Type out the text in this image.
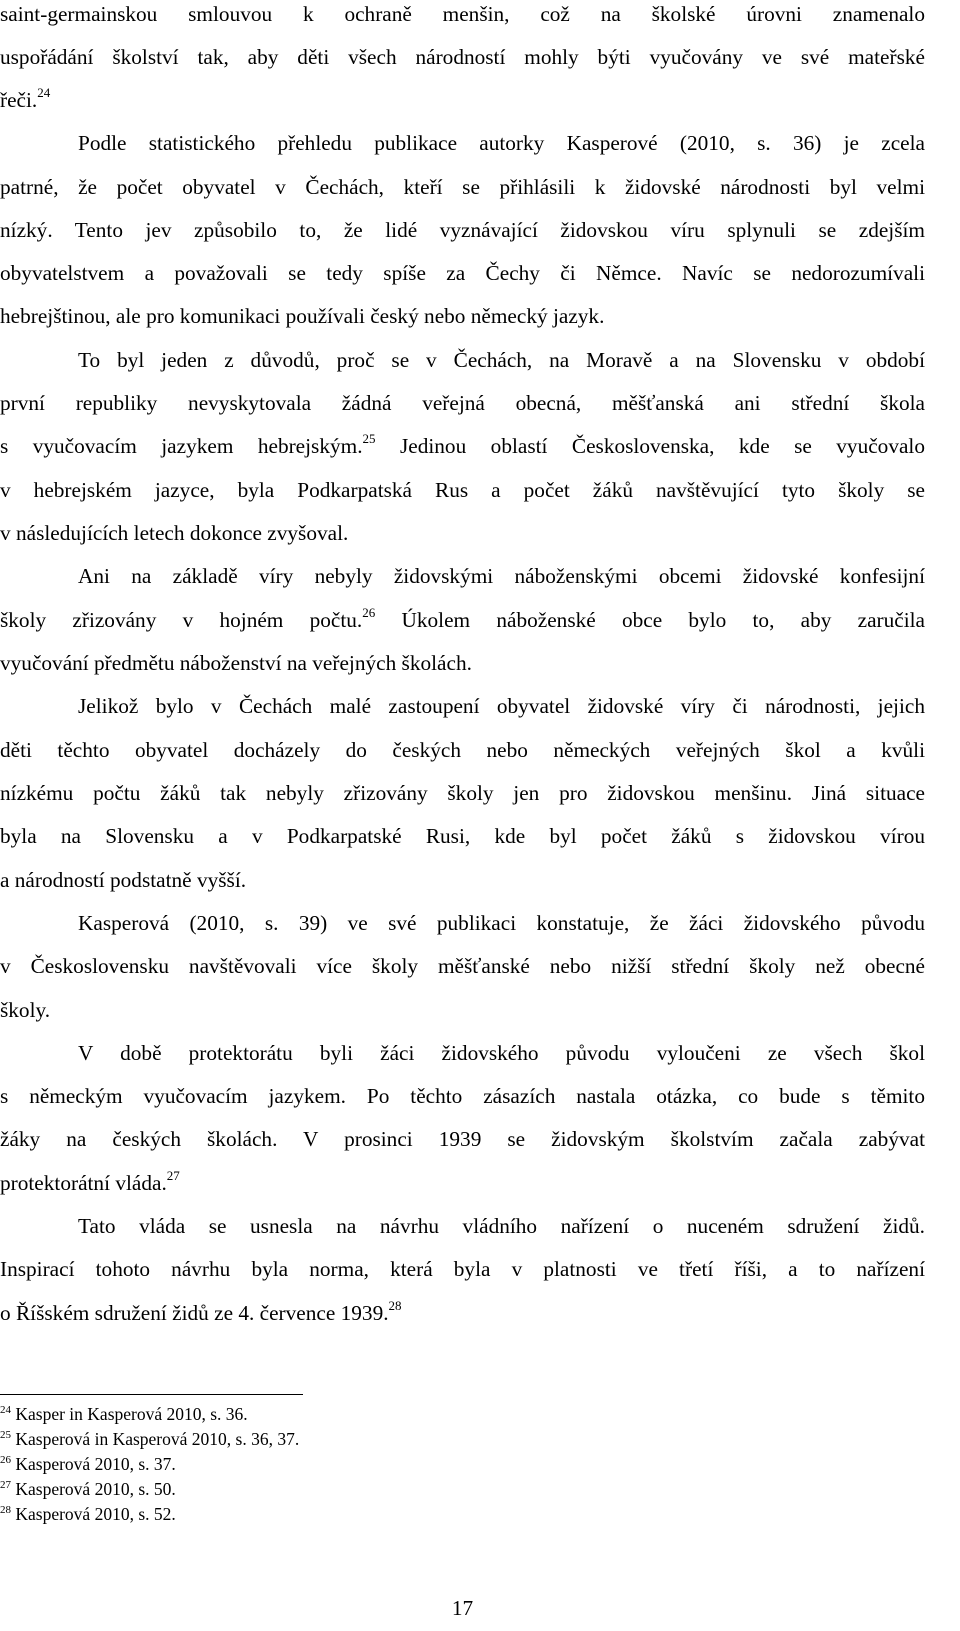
saint-germainskou smlouvou k ochraně menšin, což na školské úrovni znamenalo
uspořádání školství tak, aby děti všech národností mohly býti vyučovány ve své mateřské
řeči.$^{24}$
Podle statistického přehledu publikace autorky Kasperové (2010, s. 36) je zcela
patrné, že počet obyvatel v Čechách, kteří se přihlásili k židovské národnosti byl velmi
nízký. Tento jev způsobilo to, že lidé vyznávající židovskou víru splynuli se zdejším
obyvatelstvem a považovali se tedy spíše za Čechy či Němce. Navíc se nedorozumívali
hebrejštinou, ale pro komunikaci používali český nebo německý jazyk.
To byl jeden z důvodů, proč se v Čechách, na Moravě a na Slovensku v období
první republiky nevyskytovala žádná veřejná obecná, měšťanská ani střední škola
s vyučovacím jazykem hebrejským.$^{25}$ Jedinou oblastí Československa, kde se vyučovalo
v hebrejském jazyce, byla Podkarpatská Rus a počet žáků navštěvující tyto školy se
v následujících letech dokonce zvyšoval.
Ani na základě víry nebyly židovskými náboženskými obcemi židovské konfesijní
školy zřizovány v hojném počtu.$^{26}$ Úkolem náboženské obce bylo to, aby zaručila
vyučování předmětu náboženství na veřejných školách.
Jelikož bylo v Čechách malé zastoupení obyvatel židovské víry či národnosti, jejich
děti těchto obyvatel docházely do českých nebo německých veřejných škol a kvůli
nízkému počtu žáků tak nebyly zřizovány školy jen pro židovskou menšinu. Jiná situace
byla na Slovensku a v Podkarpatské Rusi, kde byl počet žáků s židovskou vírou
a národností podstatně vyšší.
Kasperová (2010, s. 39) ve své publikaci konstatuje, že žáci židovského původu
v Československu navštěvovali více školy měšťanské nebo nižší střední školy než obecné
školy.
V době protektorátu byli žáci židovského původu vyloučeni ze všech škol
s německým vyučovacím jazykem. Po těchto zásazích nastala otázka, co bude s těmito
žáky na českých školách. V prosinci 1939 se židovským školstvím začala zabývat
protektorátní vláda.$^{27}$
Tato vláda se usnesla na návrhu vládního nařízení o nuceném sdružení židů.
Inspirací tohoto návrhu byla norma, která byla v platnosti ve třetí říši, a to nařízení
o Říšském sdružení židů ze 4. července 1939.28
$^{24}$ Kasper in Kasperová 2010, s. 36.
$^{25}$ Kasperová in Kasperová 2010, s. 36, 37.
$^{26}$ Kasperová 2010, s. 37.
$^{27}$ Kasperová 2010, s. 50.
$^{28}$ Kasperová 2010, s. 52.
17
